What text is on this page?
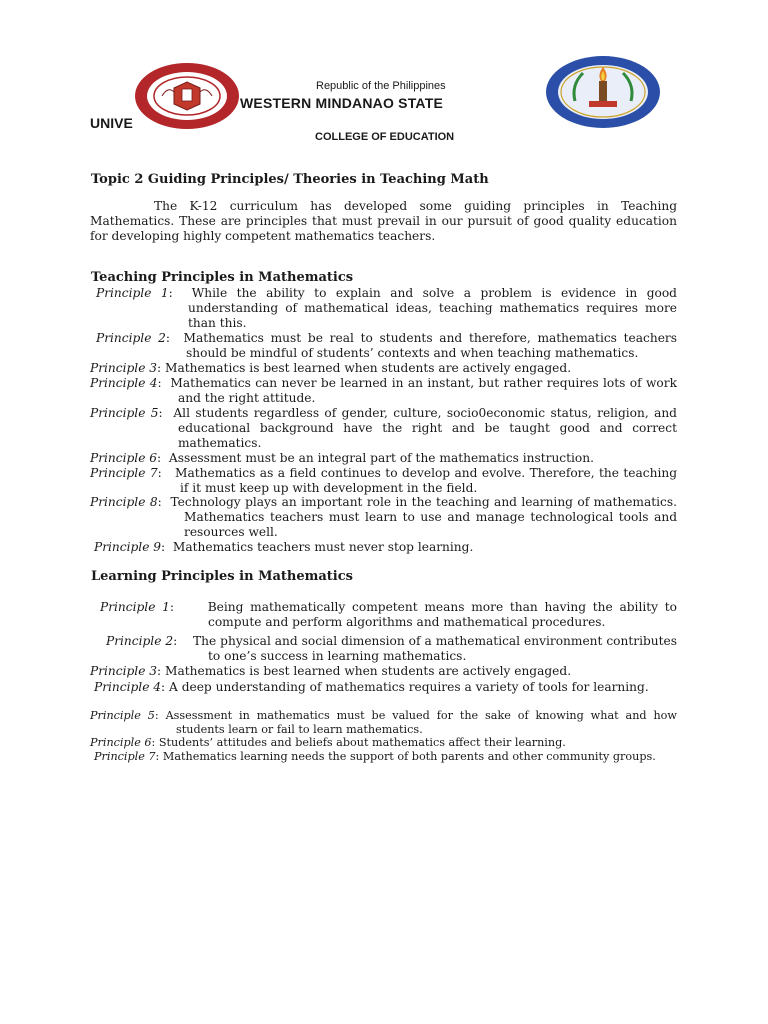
Republic of the Philippines
WESTERN MINDANAO STATE
UNIVE
COLLEGE OF EDUCATION
Topic 2 Guiding Principles/ Theories in Teaching Math

The K-12 curriculum has developed some guiding principles in Teaching Mathematics. These are principles that must prevail in our pursuit of good quality education for developing highly competent mathematics teachers.

Teaching Principles in Mathematics
Principle 1:  While the ability to explain and solve a problem is evidence in good understanding of mathematical ideas, teaching mathematics requires more than this.
Principle 2:  Mathematics must be real to students and therefore, mathematics teachers should be mindful of students’ contexts and when teaching mathematics.
Principle 3: Mathematics is best learned when students are actively engaged.
Principle 4:  Mathematics can never be learned in an instant, but rather requires lots of work and the right attitude.
Principle 5:  All students regardless of gender, culture, socio0economic status, religion, and educational background have the right and be taught good and correct mathematics.
Principle 6:  Assessment must be an integral part of the mathematics instruction.
Principle 7:   Mathematics as a field continues to develop and evolve. Therefore, the teaching if it must keep up with development in the field.
Principle 8:  Technology plays an important role in the teaching and learning of mathematics. Mathematics teachers must learn to use and manage technological tools and resources well.
Principle 9:  Mathematics teachers must never stop learning.
Learning Principles in Mathematics
Principle 1:     Being mathematically competent means more than having the ability to compute and perform algorithms and mathematical procedures.
Principle 2:    The physical and social dimension of a mathematical environment contributes to one’s success in learning mathematics.
Principle 3: Mathematics is best learned when students are actively engaged.
Principle 4: A deep understanding of mathematics requires a variety of tools for learning.
Principle 5: Assessment in mathematics must be valued for the sake of knowing what and how students learn or fail to learn mathematics.
Principle 6: Students’ attitudes and beliefs about mathematics affect their learning.
Principle 7: Mathematics learning needs the support of both parents and other community groups.
